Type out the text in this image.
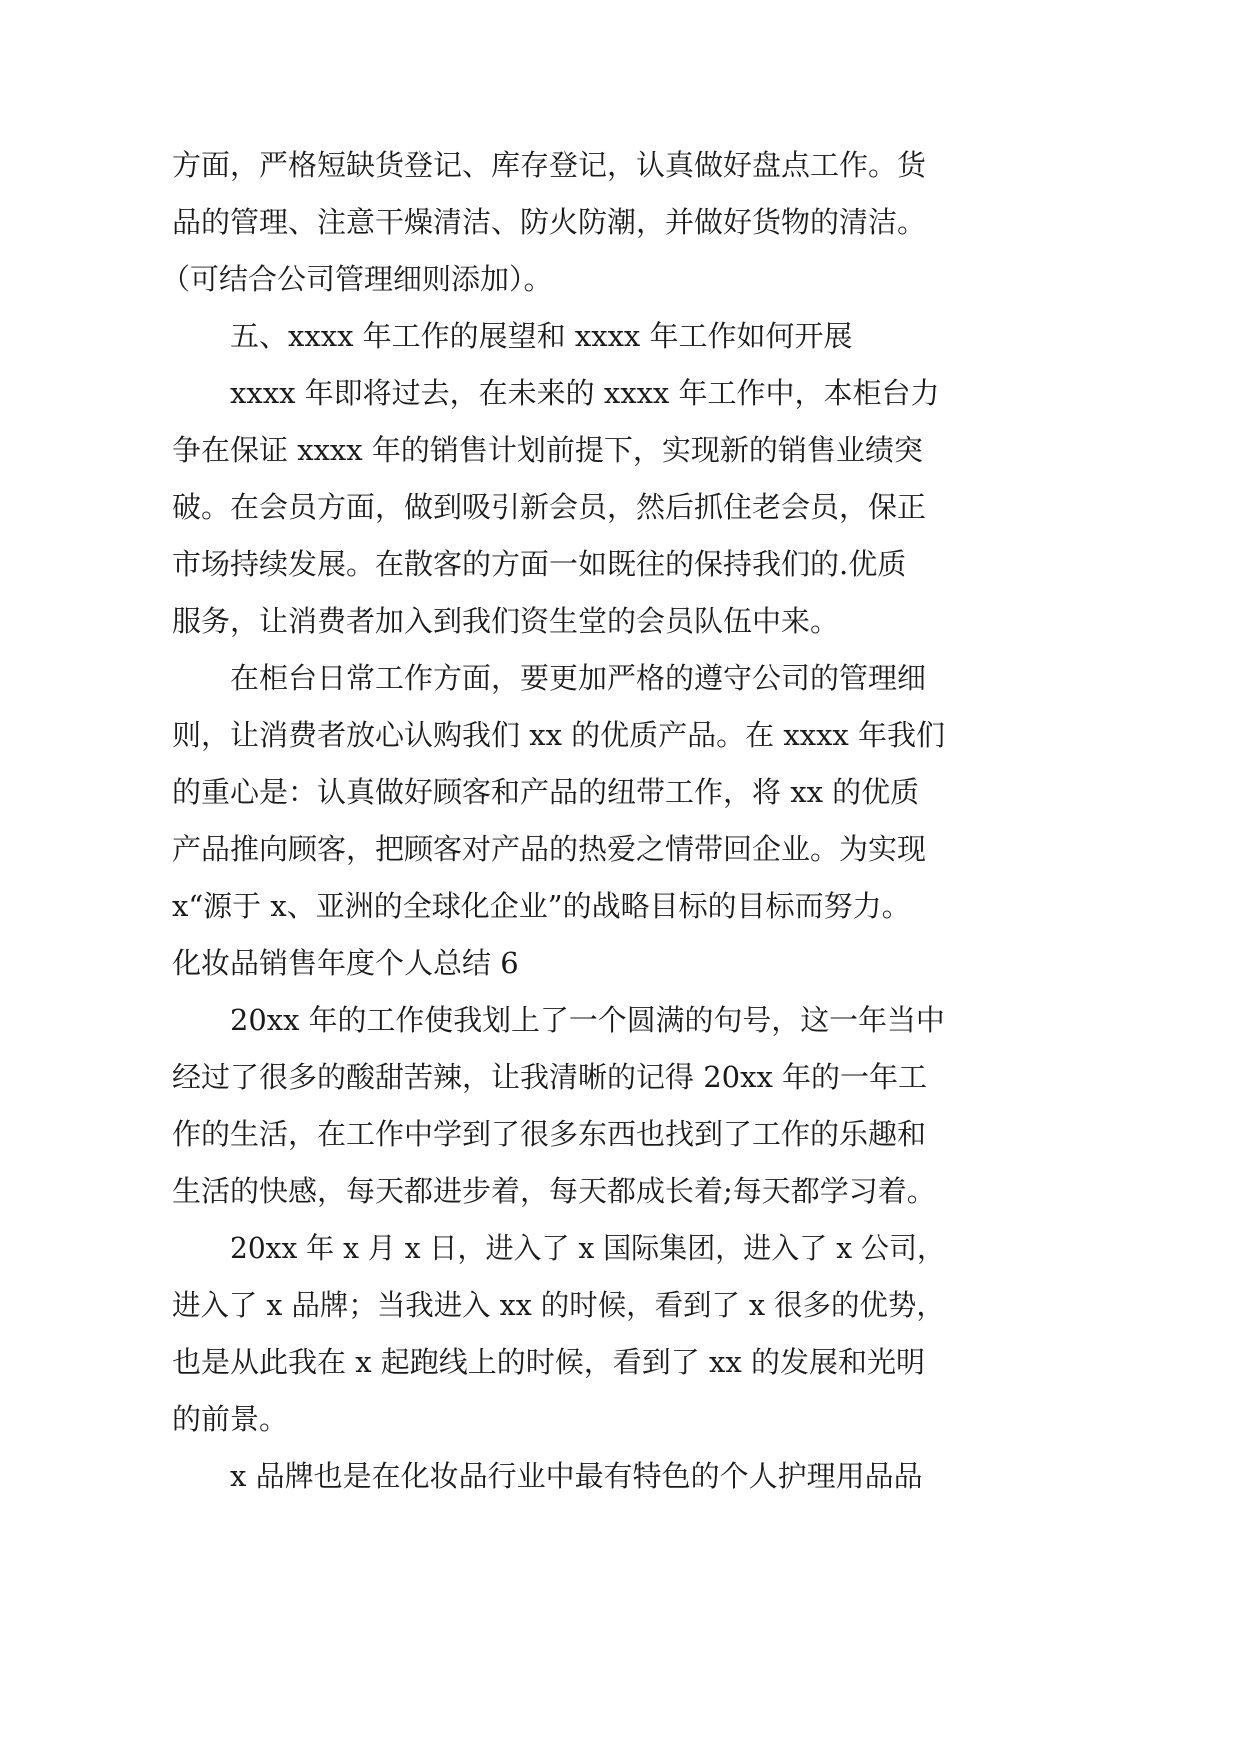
方面，严格短缺货登记、库存登记，认真做好盘点工作。货
品的管理、注意干燥清洁、防火防潮，并做好货物的清洁。
（可结合公司管理细则添加）。
五、xxxx 年工作的展望和 xxxx 年工作如何开展
xxxx 年即将过去，在未来的 xxxx 年工作中，本柜台力
争在保证 xxxx 年的销售计划前提下，实现新的销售业绩突
破。在会员方面，做到吸引新会员，然后抓住老会员，保正
市场持续发展。在散客的方面一如既往的保持我们的.优质
服务，让消费者加入到我们资生堂的会员队伍中来。
在柜台日常工作方面，要更加严格的遵守公司的管理细
则，让消费者放心认购我们 xx 的优质产品。在 xxxx 年我们
的重心是：认真做好顾客和产品的纽带工作，将 xx 的优质
产品推向顾客，把顾客对产品的热爱之情带回企业。为实现
x“源于 x、亚洲的全球化企业”的战略目标的目标而努力。
化妆品销售年度个人总结 6
20xx 年的工作使我划上了一个圆满的句号，这一年当中
经过了很多的酸甜苦辣，让我清晰的记得 20xx 年的一年工
作的生活，在工作中学到了很多东西也找到了工作的乐趣和
生活的快感，每天都进步着，每天都成长着;每天都学习着。
20xx 年 x 月 x 日，进入了 x 国际集团，进入了 x 公司，
进入了 x 品牌；当我进入 xx 的时候，看到了 x 很多的优势，
也是从此我在 x 起跑线上的时候，看到了 xx 的发展和光明
的前景。
x 品牌也是在化妆品行业中最有特色的个人护理用品品
